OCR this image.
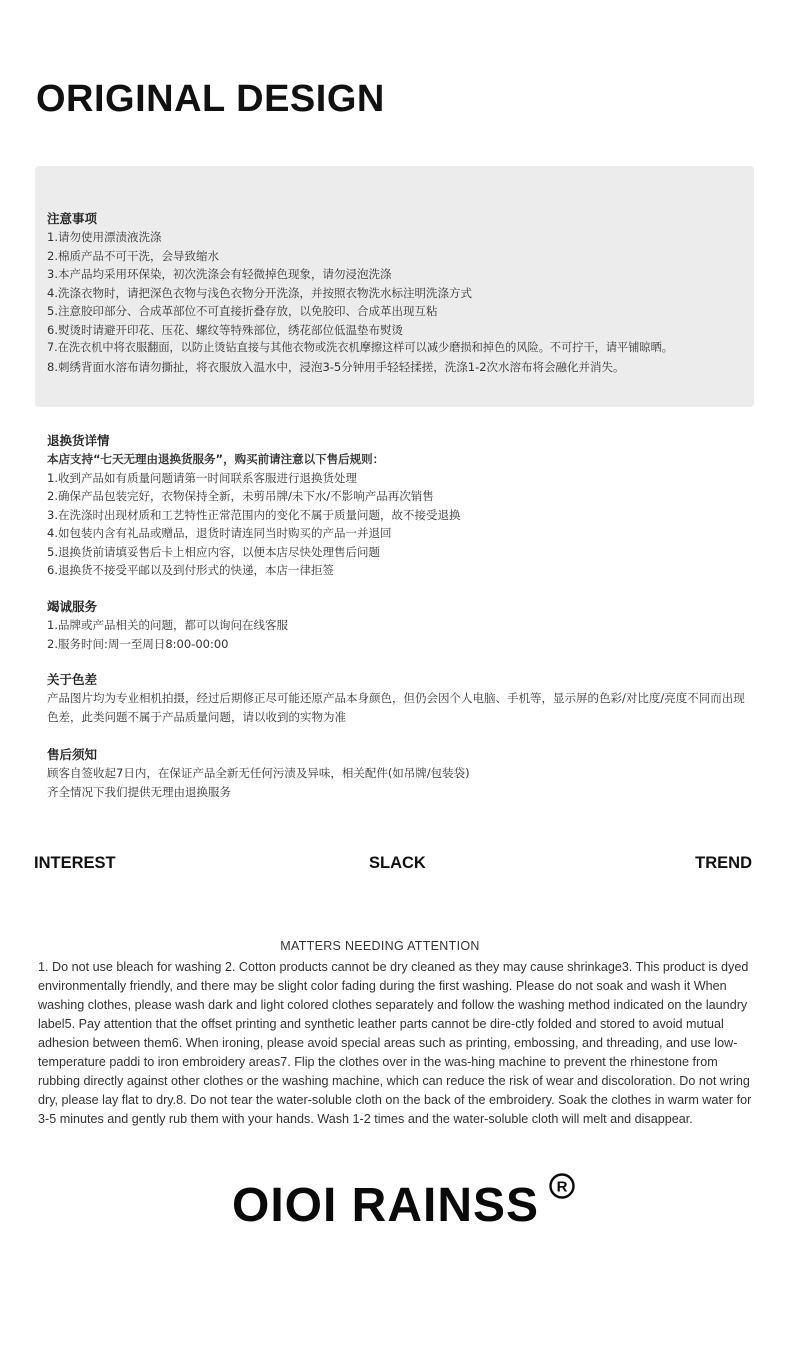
ORIGINAL DESIGN
注意事项
1.请勿使用漂渍液洗涤
2.棉质产品不可干洗，会导致缩水
3.本产品均采用环保染，初次洗涤会有轻微掉色现象，请勿浸泡洗涤
4.洗涤衣物时，请把深色衣物与浅色衣物分开洗涤，并按照衣物洗水标注明洗涤方式
5.注意胶印部分、合成革部位不可直接折叠存放，以免胶印、合成革出现互粘
6.熨烫时请避开印花、压花、螺纹等特殊部位，绣花部位低温垫布熨烫
7.在洗衣机中将衣服翻面，以防止烫钻直接与其他衣物或洗衣机摩擦这样可以减少磨损和掉色的风险。不可拧干，请平铺晾晒。
8.刺绣背面水溶布请勿撕扯，将衣服放入温水中，浸泡3-5分钟用手轻轻揉搓，洗涤1-2次水溶布将会融化并消失。
退换货详情
本店支持“七天无理由退换货服务”，购买前请注意以下售后规则：
1.收到产品如有质量问题请第一时间联系客服进行退换货处理
2.确保产品包装完好，衣物保持全新，未剪吊牌/未下水/不影响产品再次销售
3.在洗涤时出现材质和工艺特性正常范围内的变化不属于质量问题，故不接受退换
4.如包装内含有礼品或赠品，退货时请连同当时购买的产品一并退回
5.退换货前请填妥售后卡上相应内容，以便本店尽快处理售后问题
6.退换货不接受平邮以及到付形式的快递，本店一律拒签
竭诚服务
1.品牌或产品相关的问题，都可以询问在线客服
2.服务时间:周一至周日8:00-00:00
关于色差
产品图片均为专业相机拍摄，经过后期修正尽可能还原产品本身颜色，但仍会因个人电脑、手机等，显示屏的色彩/对比度/亮度不同而出现色差，此类问题不属于产品质量问题，请以收到的实物为准
售后须知
顾客自签收起7日内，在保证产品全新无任何污渍及异味，相关配件(如吊牌/包装袋)
齐全情况下我们提供无理由退换服务
INTEREST	SLACK	TREND
MATTERS NEEDING ATTENTION
1. Do not use bleach for washing 2. Cotton products cannot be dry cleaned as they may cause shrinkage3. This product is dyed environmentally friendly, and there may be slight color fading during the first washing. Please do not soak and wash it When washing clothes, please wash dark and light colored clothes separately and follow the washing method indicated on the laundry label5. Pay attention that the offset printing and synthetic leather parts cannot be dire-ctly folded and stored to avoid mutual adhesion between them6. When ironing, please avoid special areas such as printing, embossing, and threading, and use low-temperature paddi to iron embroidery areas7. Flip the clothes over in the was-hing machine to prevent the rhinestone from rubbing directly against other clothes or the washing machine, which can reduce the risk of wear and discoloration. Do not wring dry, please lay flat to dry.8. Do not tear the water-soluble cloth on the back of the embroidery. Soak the clothes in warm water for 3-5 minutes and gently rub them with your hands. Wash 1-2 times and the water-soluble cloth will melt and disappear.
OIOI RAINSS R
